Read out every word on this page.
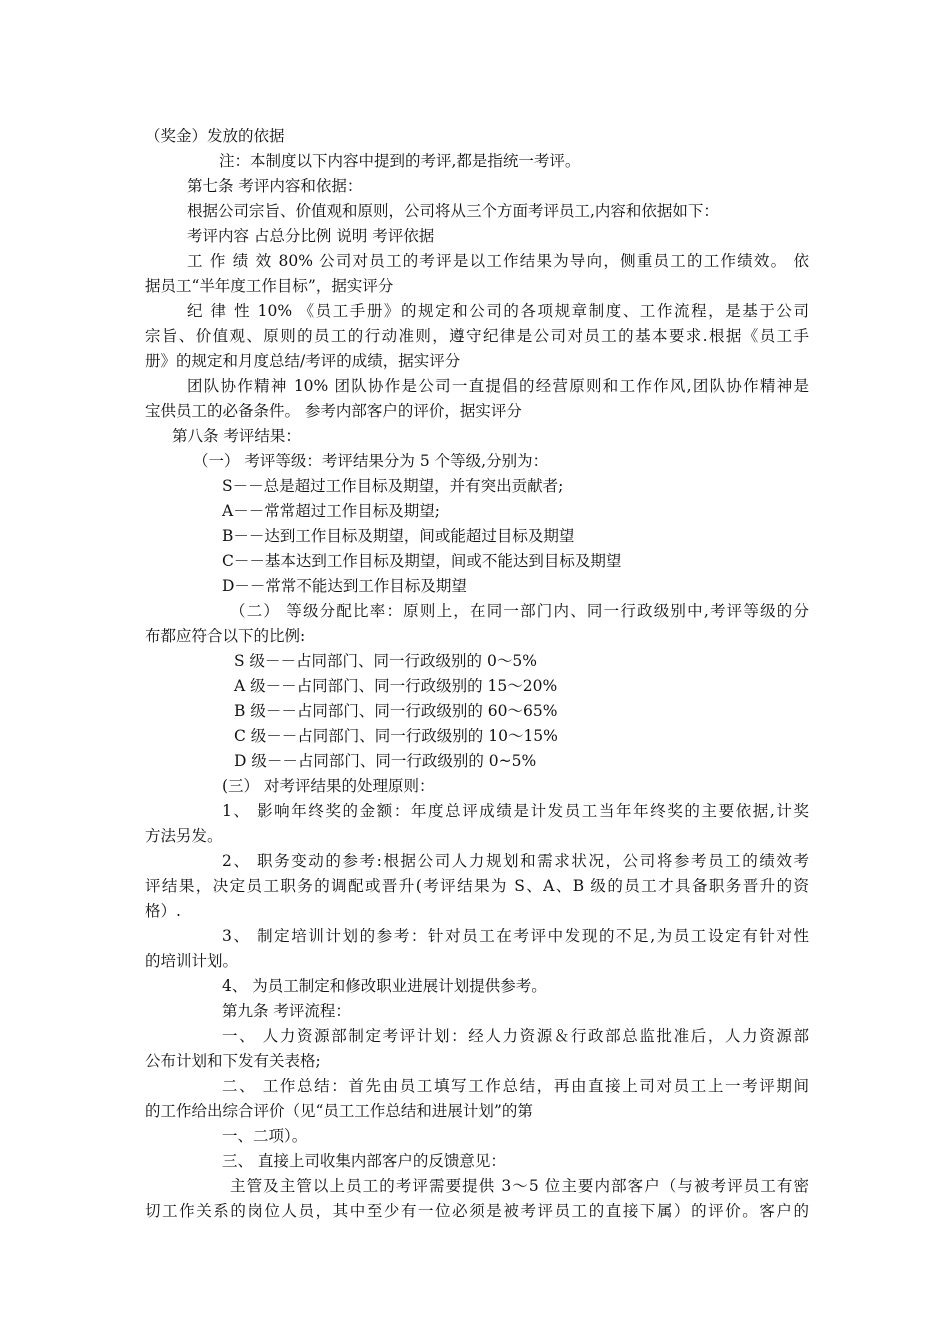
（奖金）发放的依据
注：本制度以下内容中提到的考评,都是指统一考评。
第七条 考评内容和依据：
根据公司宗旨、价值观和原则，公司将从三个方面考评员工,内容和依据如下：
考评内容 占总分比例 说明 考评依据
工 作 绩 效 80% 公司对员工的考评是以工作结果为导向，侧重员工的工作绩效。 依
据员工“半年度工作目标”，据实评分
纪 律 性 10% 《员工手册》的规定和公司的各项规章制度、工作流程，是基于公司
宗旨、价值观、原则的员工的行动准则，遵守纪律是公司对员工的基本要求.根据《员工手
册》的规定和月度总结/考评的成绩，据实评分
团队协作精神 10% 团队协作是公司一直提倡的经营原则和工作作风,团队协作精神是
宝供员工的必备条件。 参考内部客户的评价，据实评分
第八条 考评结果：
（一） 考评等级：考评结果分为 5 个等级,分别为：
S－－总是超过工作目标及期望，并有突出贡献者;
A－－常常超过工作目标及期望;
B－－达到工作目标及期望，间或能超过目标及期望
C－－基本达到工作目标及期望，间或不能达到目标及期望
D－－常常不能达到工作目标及期望
（二） 等级分配比率：原则上，在同一部门内、同一行政级别中,考评等级的分
布都应符合以下的比例:
S 级－－占同部门、同一行政级别的 0～5%
A 级－－占同部门、同一行政级别的 15～20%
B 级－－占同部门、同一行政级别的 60～65%
C 级－－占同部门、同一行政级别的 10～15%
D 级－－占同部门、同一行政级别的 0~5%
(三） 对考评结果的处理原则：
1、 影响年终奖的金额：年度总评成绩是计发员工当年年终奖的主要依据,计奖
方法另发。
2、 职务变动的参考:根据公司人力规划和需求状况，公司将参考员工的绩效考
评结果，决定员工职务的调配或晋升(考评结果为 S、A、B 级的员工才具备职务晋升的资
格）.
3、 制定培训计划的参考：针对员工在考评中发现的不足,为员工设定有针对性
的培训计划。
4、 为员工制定和修改职业进展计划提供参考。
第九条 考评流程：
一、 人力资源部制定考评计划：经人力资源＆行政部总监批准后，人力资源部
公布计划和下发有关表格;
二、 工作总结：首先由员工填写工作总结，再由直接上司对员工上一考评期间
的工作给出综合评价（见“员工工作总结和进展计划”的第
一、二项）。
三、 直接上司收集内部客户的反馈意见：
主管及主管以上员工的考评需要提供 3～5 位主要内部客户（与被考评员工有密
切工作关系的岗位人员，其中至少有一位必须是被考评员工的直接下属）的评价。客户的
